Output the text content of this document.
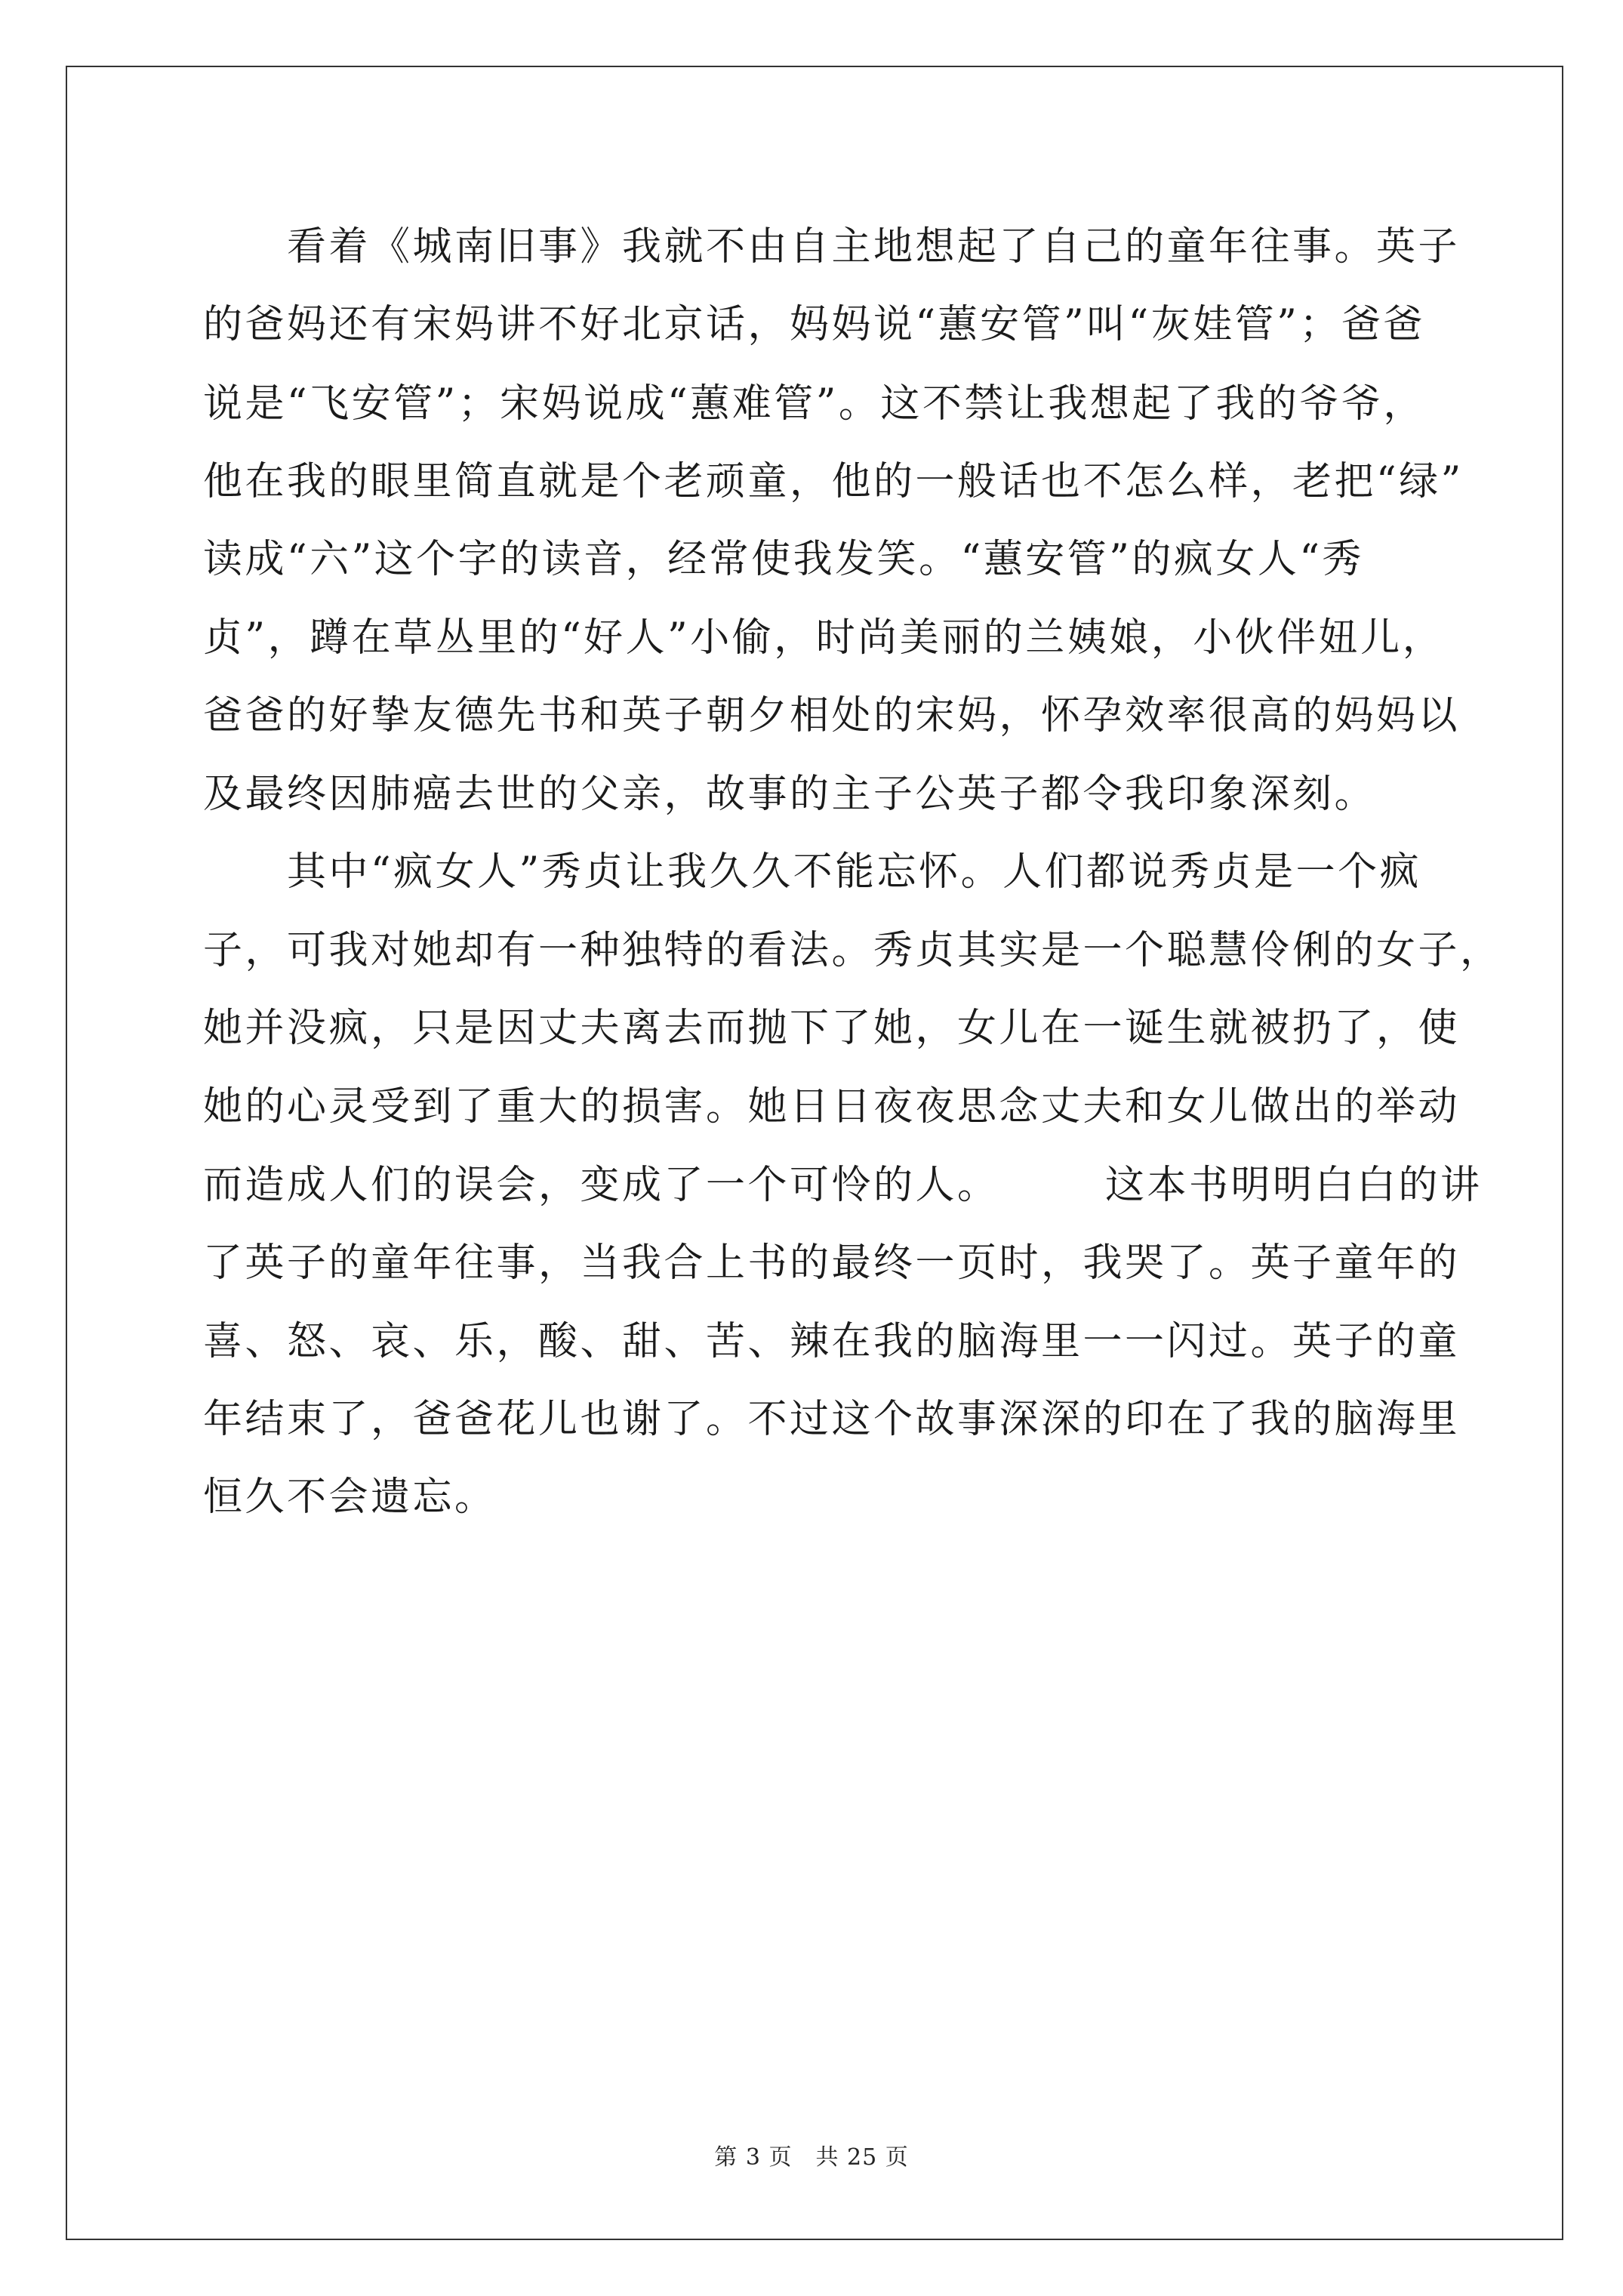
　　看着《城南旧事》我就不由自主地想起了自己的童年往事。英子
的爸妈还有宋妈讲不好北京话，妈妈说“蕙安管”叫“灰娃管”；爸爸
说是“飞安管”；宋妈说成“蕙难管”。这不禁让我想起了我的爷爷，
他在我的眼里简直就是个老顽童，他的一般话也不怎么样，老把“绿”
读成“六”这个字的读音，经常使我发笑。“蕙安管”的疯女人“秀
贞”，蹲在草丛里的“好人”小偷，时尚美丽的兰姨娘，小伙伴妞儿，
爸爸的好挚友德先书和英子朝夕相处的宋妈，怀孕效率很高的妈妈以
及最终因肺癌去世的父亲，故事的主子公英子都令我印象深刻。
　　其中“疯女人”秀贞让我久久不能忘怀。人们都说秀贞是一个疯
子，可我对她却有一种独特的看法。秀贞其实是一个聪慧伶俐的女子，
她并没疯，只是因丈夫离去而抛下了她，女儿在一诞生就被扔了，使
她的心灵受到了重大的损害。她日日夜夜思念丈夫和女儿做出的举动
而造成人们的误会，变成了一个可怜的人。　　　这本书明明白白的讲
了英子的童年往事，当我合上书的最终一页时，我哭了。英子童年的
喜、怒、哀、乐，酸、甜、苦、辣在我的脑海里一一闪过。英子的童
年结束了，爸爸花儿也谢了。不过这个故事深深的印在了我的脑海里
恒久不会遗忘。
第 3 页　共 25 页
